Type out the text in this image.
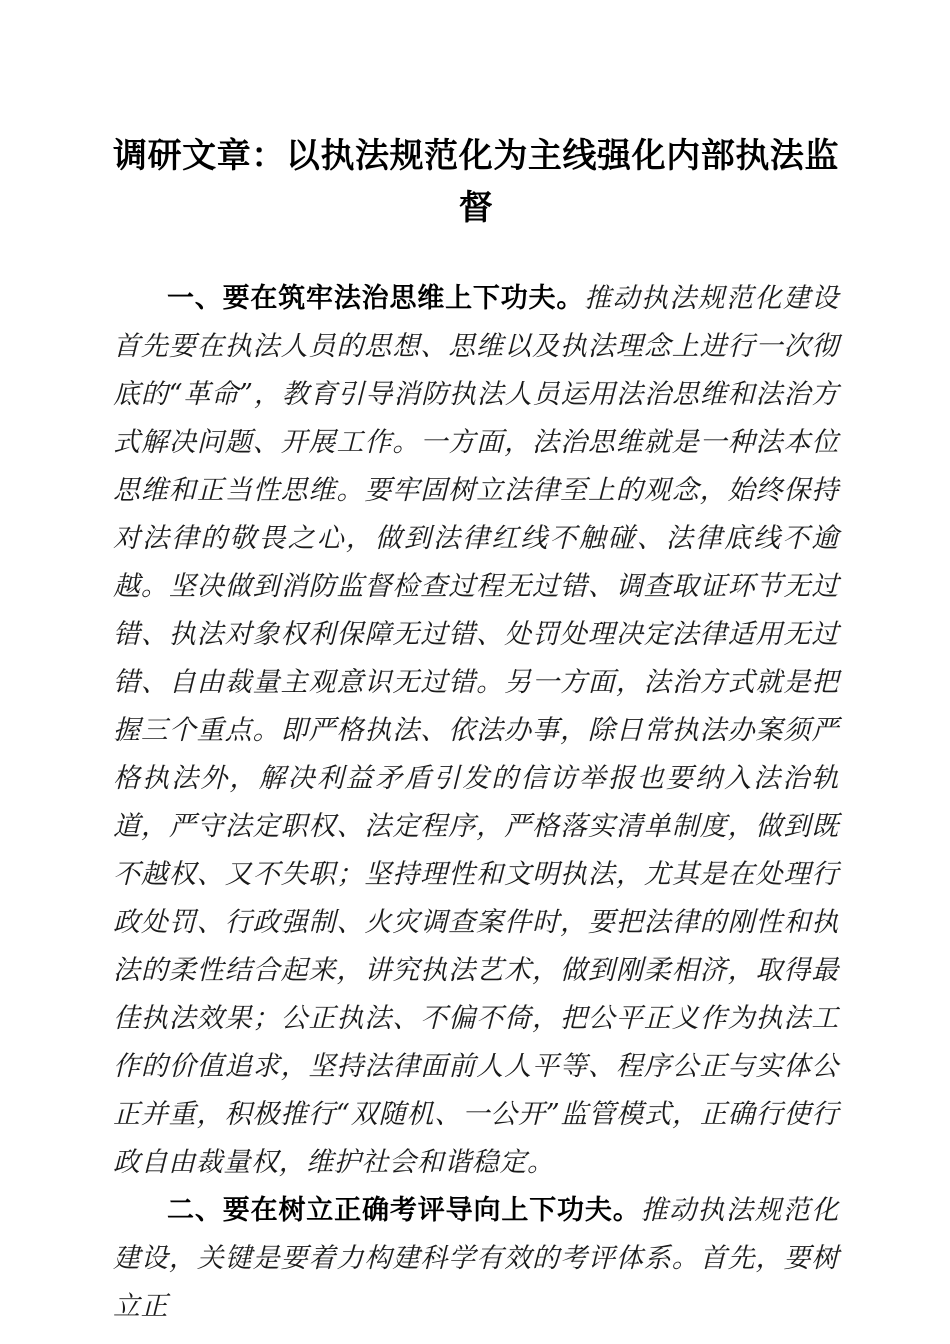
调研文章：以执法规范化为主线强化内部执法监督

一、要在筑牢法治思维上下功夫。推动执法规范化建设首先要在执法人员的思想、思维以及执法理念上进行一次彻底的“革命”，教育引导消防执法人员运用法治思维和法治方式解决问题、开展工作。一方面，法治思维就是一种法本位思维和正当性思维。要牢固树立法律至上的观念，始终保持对法律的敬畏之心，做到法律红线不触碰、法律底线不逾越。坚决做到消防监督检查过程无过错、调查取证环节无过错、执法对象权利保障无过错、处罚处理决定法律适用无过错、自由裁量主观意识无过错。另一方面，法治方式就是把握三个重点。即严格执法、依法办事，除日常执法办案须严格执法外，解决利益矛盾引发的信访举报也要纳入法治轨道，严守法定职权、法定程序，严格落实清单制度，做到既不越权、又不失职；坚持理性和文明执法，尤其是在处理行政处罚、行政强制、火灾调查案件时，要把法律的刚性和执法的柔性结合起来，讲究执法艺术，做到刚柔相济，取得最佳执法效果；公正执法、不偏不倚，把公平正义作为执法工作的价值追求，坚持法律面前人人平等、程序公正与实体公正并重，积极推行“双随机、一公开”监管模式，正确行使行政自由裁量权，维护社会和谐稳定。

二、要在树立正确考评导向上下功夫。推动执法规范化建设，关键是要着力构建科学有效的考评体系。首先，要树立正
